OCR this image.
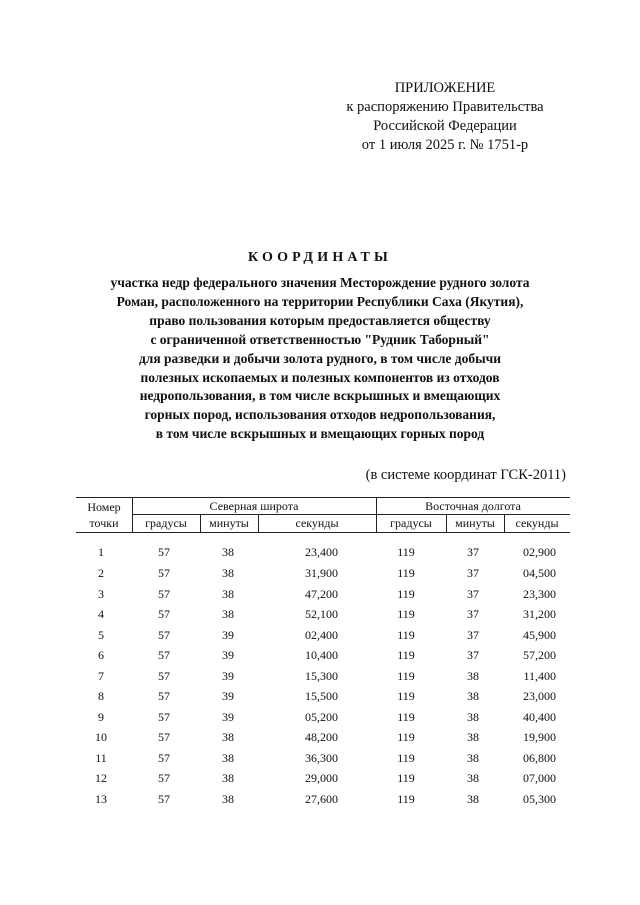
ПРИЛОЖЕНИЕ
к распоряжению Правительства
Российской Федерации
от 1 июля 2025 г. № 1751-р
КООРДИНАТЫ
участка недр федерального значения Месторождение рудного золота
Роман, расположенного на территории Республики Саха (Якутия),
право пользования которым предоставляется обществу
с ограниченной ответственностью "Рудник Таборный"
для разведки и добычи золота рудного, в том числе добычи
полезных ископаемых и полезных компонентов из отходов
недропользования, в том числе вскрышных и вмещающих
горных пород, использования отходов недропользования,
в том числе вскрышных и вмещающих горных пород
(в системе координат ГСК-2011)
Номер
точки
Северная широта	Восточная долгота
градусы	минуты	секунды	градусы	минуты	секунды
1	57	38	23,400	119	37	02,900
2	57	38	31,900	119	37	04,500
3	57	38	47,200	119	37	23,300
4	57	38	52,100	119	37	31,200
5	57	39	02,400	119	37	45,900
6	57	39	10,400	119	37	57,200
7	57	39	15,300	119	38	11,400
8	57	39	15,500	119	38	23,000
9	57	39	05,200	119	38	40,400
10	57	38	48,200	119	38	19,900
11	57	38	36,300	119	38	06,800
12	57	38	29,000	119	38	07,000
13	57	38	27,600	119	38	05,300
